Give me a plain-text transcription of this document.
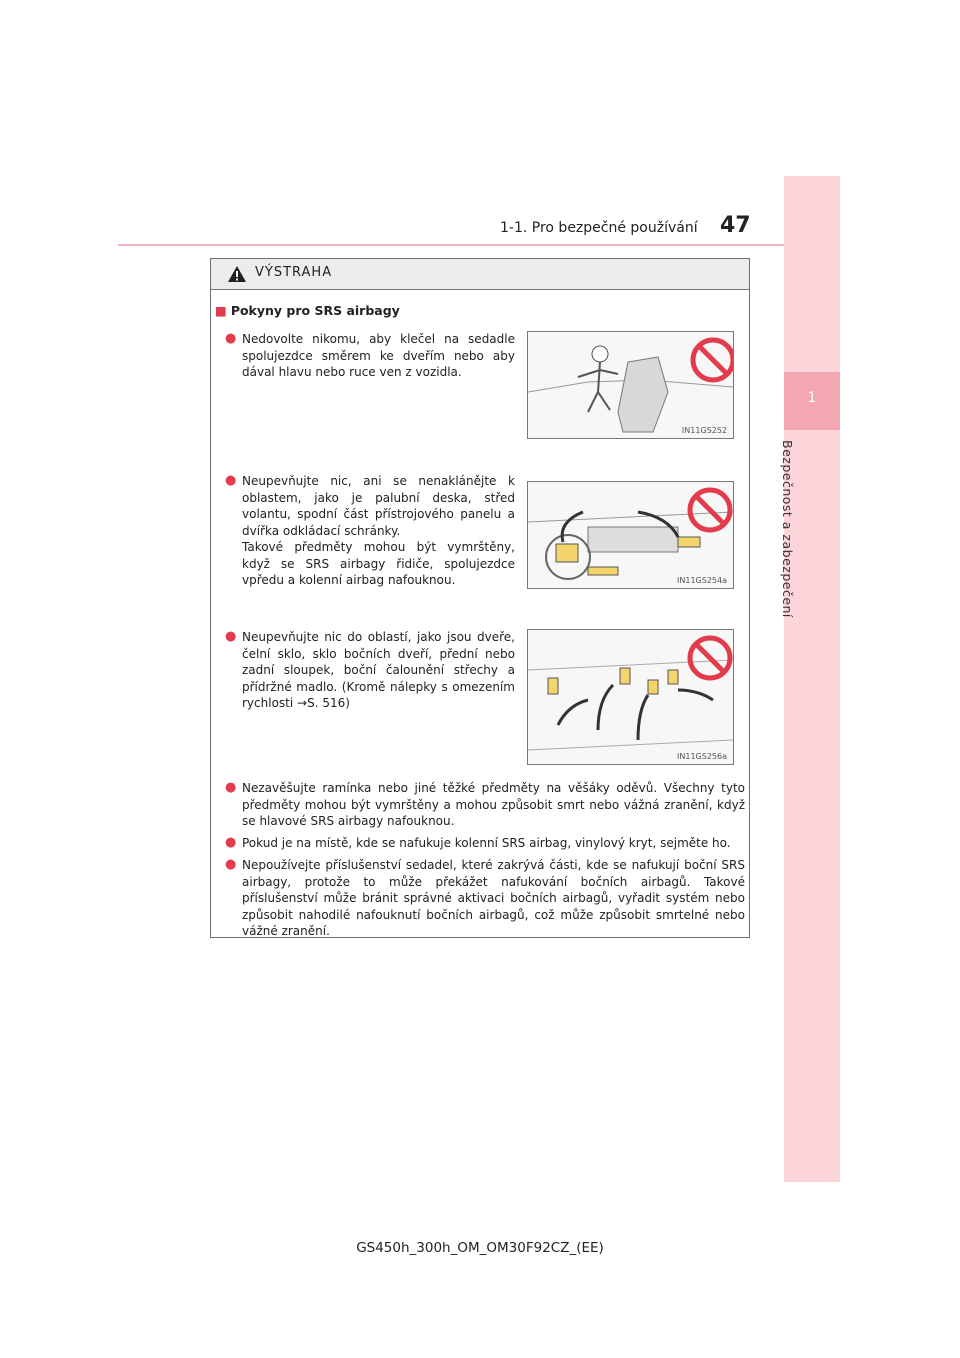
1-1. Pro bezpečné používání 47
1
Bezpečnost a zabezpečení
VÝSTRAHA
■ Pokyny pro SRS airbagy
● Nedovolte nikomu, aby klečel na sedadle spolujezdce směrem ke dveřím nebo aby dával hlavu nebo ruce ven z vozidla.
IN11GS252
● Neupevňujte nic, ani se nenaklánějte k oblastem, jako je palubní deska, střed volantu, spodní část přístrojového panelu a dvířka odkládací schránky.
Takové předměty mohou být vymrštěny, když se SRS airbagy řidiče, spolujezdce vpředu a kolenní airbag nafouknou.	IN11GS254a
● Neupevňujte nic do oblastí, jako jsou dveře, čelní sklo, sklo bočních dveří, přední nebo zadní sloupek, boční čalounění střechy a přídržné madlo. (Kromě nálepky s omezením rychlosti →S. 516)
IN11GS256a
● Nezavěšujte ramínka nebo jiné těžké předměty na věšáky oděvů. Všechny tyto předměty mohou být vymrštěny a mohou způsobit smrt nebo vážná zranění, když se hlavové SRS airbagy nafouknou.
● Pokud je na místě, kde se nafukuje kolenní SRS airbag, vinylový kryt, sejměte ho.
● Nepoužívejte příslušenství sedadel, které zakrývá části, kde se nafukují boční SRS airbagy, protože to může překážet nafukování bočních airbagů. Takové příslušenství může bránit správné aktivaci bočních airbagů, vyřadit systém nebo způsobit nahodilé nafouknutí bočních airbagů, což může způsobit smrtelné nebo vážné zranění.
GS450h_300h_OM_OM30F92CZ_(EE)
